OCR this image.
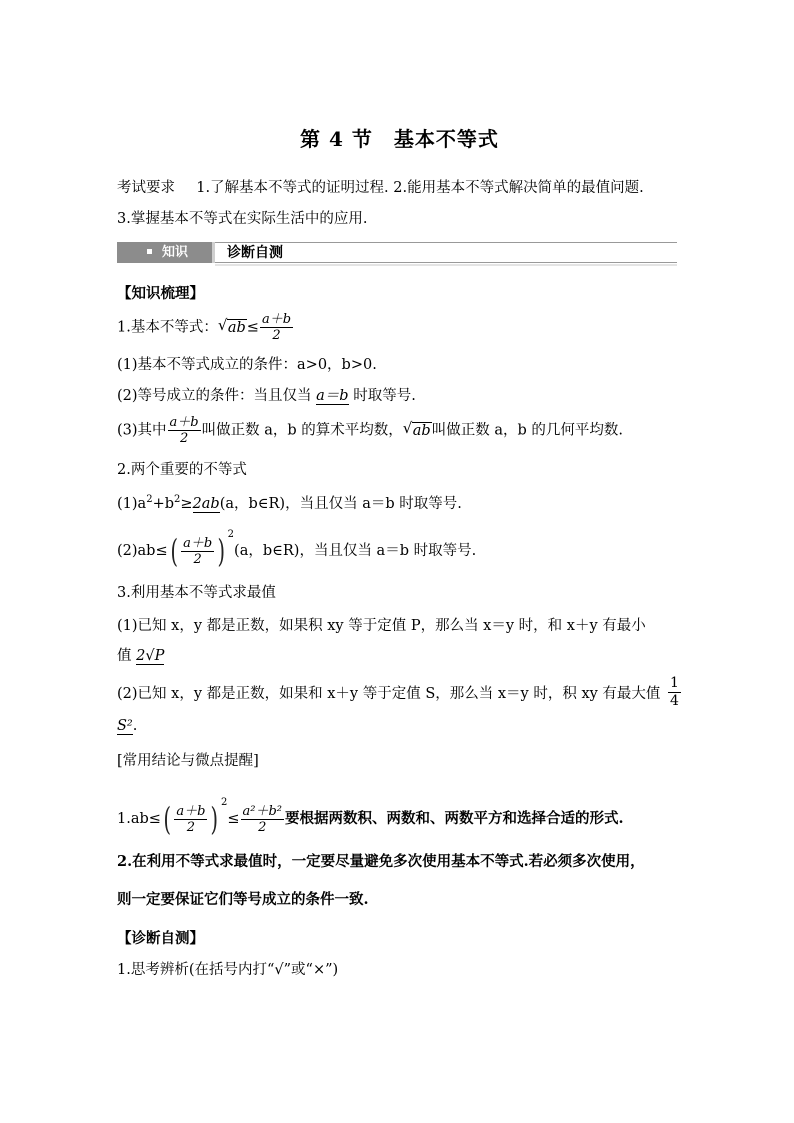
第 4 节　基本不等式
考试要求 1.了解基本不等式的证明过程. 2.能用基本不等式解决简单的最值问题.
3.掌握基本不等式在实际生活中的应用.
知识	诊断自测
【知识梳理】
1.基本不等式： √ $ab\le \frac{a+b}{2}$
(1)基本不等式成立的条件：a>0，b>0.
(2)等号成立的条件：当且仅当 a＝b 时取等号.
(3)其中 $\frac{a+b}{2}$ 叫做正数 a，b 的算术平均数， √ ab叫做正数 a，b 的几何平均数.
2.两个重要的不等式
$(1)a^2+b^2\ge 2ab(a$，b∈R)，当且仅当 a＝b 时取等号.
$(2)ab\le( \frac{a+b}{2}$ ) $^2$(a，b∈R)，当且仅当 a＝b 时取等号.
3.利用基本不等式求最值
(1)已知 x，y 都是正数，如果积 xy 等于定值 P，那么当 x＝y 时，和 x＋y 有最小
值 2√P
(2)已知 x，y 都是正数，如果和 x＋y 等于定值 S，那么当 x＝y 时，积 xy 有最大值
1
4
S².
[常用结论与微点提醒]
$1.ab\le( \frac{a+b}{2}$ ) $^2\le \frac{\text{a²＋b²}}{2}$ 要根据两数积、两数和、两数平方和选择合适的形式.
2.在利用不等式求最值时，一定要尽量避免多次使用基本不等式.若必须多次使用，
则一定要保证它们等号成立的条件一致.
【诊断自测】
1.思考辨析(在括号内打“√”或“×”)
